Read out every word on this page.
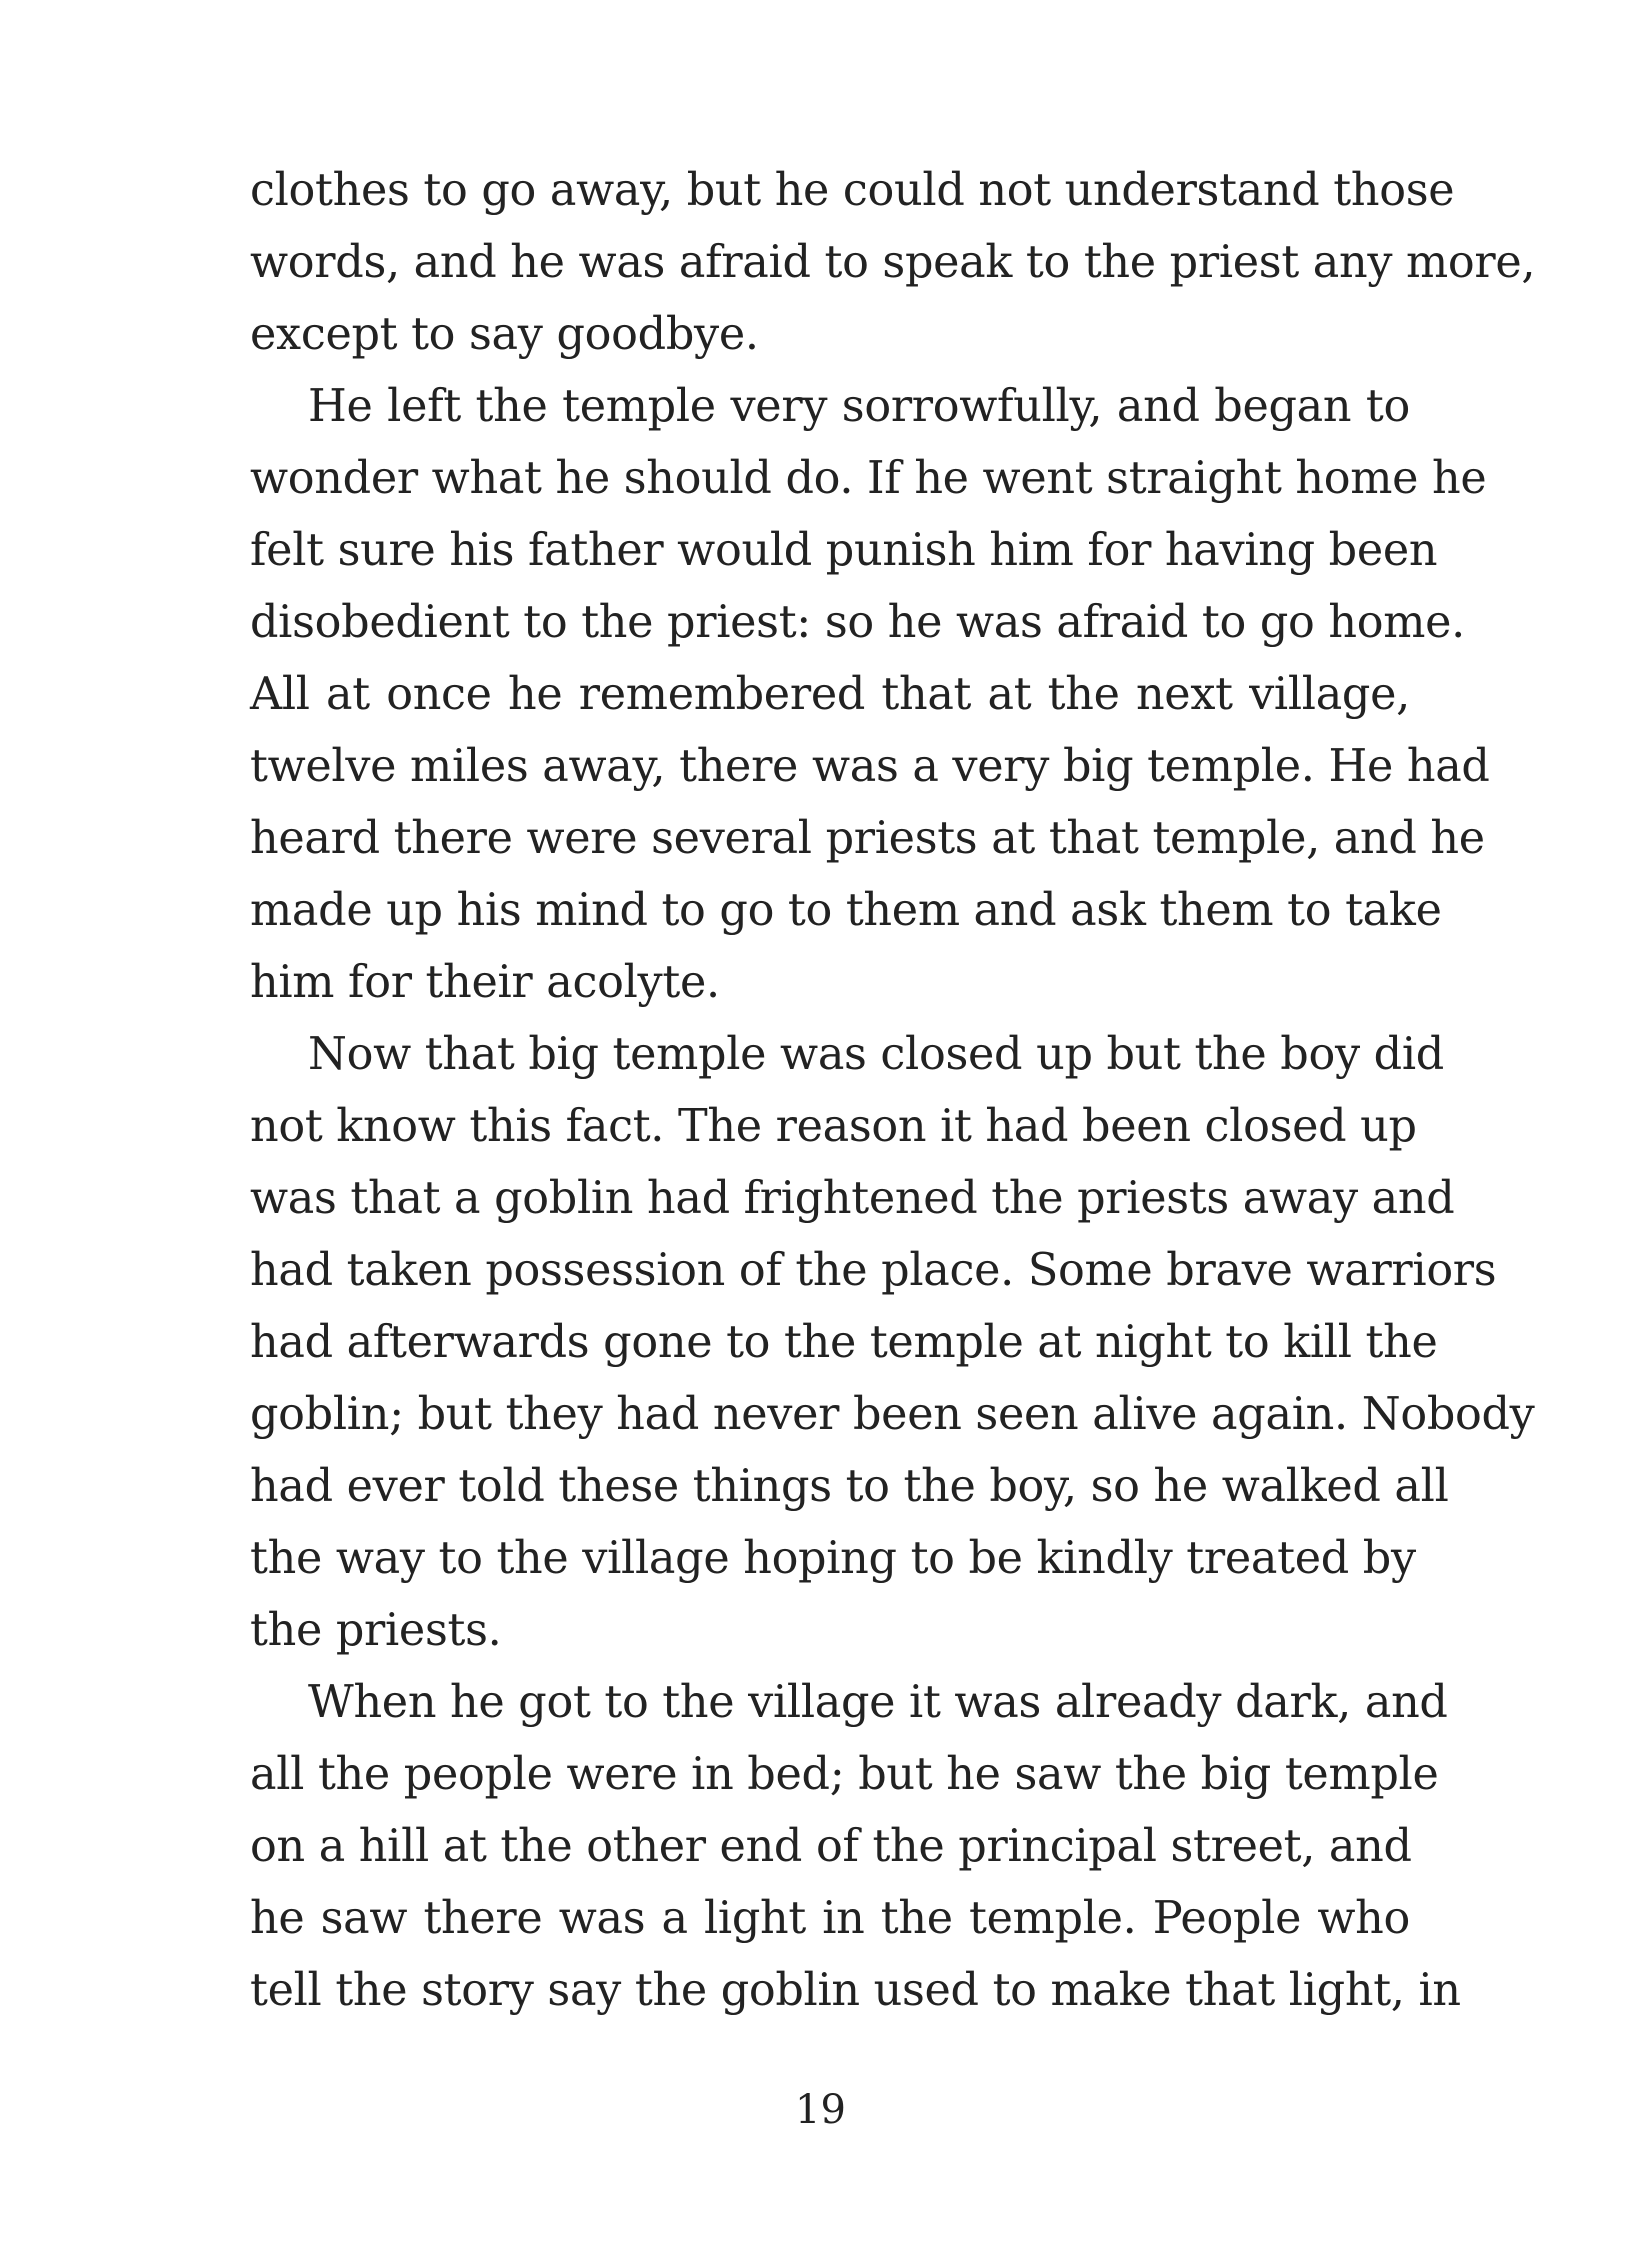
clothes to go away, but he could not understand those
words, and he was afraid to speak to the priest any more,
except to say goodbye.
He left the temple very sorrowfully, and began to
wonder what he should do. If he went straight home he
felt sure his father would punish him for having been
disobedient to the priest: so he was afraid to go home.
All at once he remembered that at the next village,
twelve miles away, there was a very big temple. He had
heard there were several priests at that temple, and he
made up his mind to go to them and ask them to take
him for their acolyte.
Now that big temple was closed up but the boy did
not know this fact. The reason it had been closed up
was that a goblin had frightened the priests away and
had taken possession of the place. Some brave warriors
had afterwards gone to the temple at night to kill the
goblin; but they had never been seen alive again. Nobody
had ever told these things to the boy, so he walked all
the way to the village hoping to be kindly treated by
the priests.
When he got to the village it was already dark, and
all the people were in bed; but he saw the big temple
on a hill at the other end of the principal street, and
he saw there was a light in the temple. People who
tell the story say the goblin used to make that light, in
19
